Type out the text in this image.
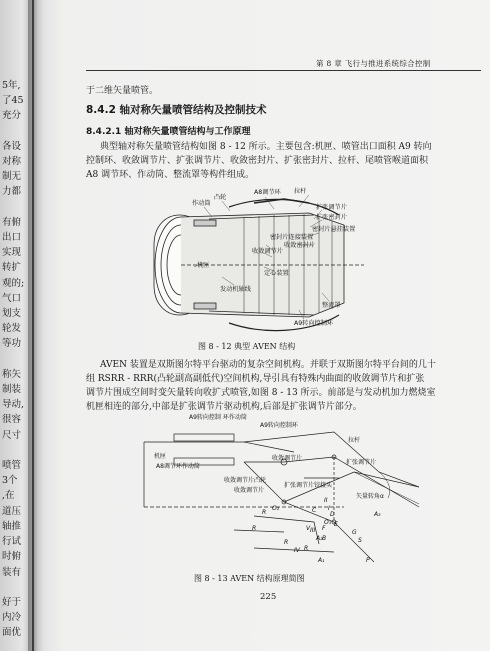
5年,
了45
充分

各设
对称
制无
力都

有俯
出口
实现
转扩
观的;
气口
划支
轮发
等功

称矢
制装
导动,
很容
尺寸

喷管
3个
,在
道压
轴推
行试
时俯
装有

好于
内冷
面优
第 8 章 飞行与推进系统综合控制
于二维矢量喷管。
8.4.2 轴对称矢量喷管结构及控制技术
8.4.2.1 轴对称矢量喷管结构与工作原理
典型轴对称矢量喷管结构如图 8 - 12 所示。主要包含:机匣、喷管出口面积 A9 转向
控制环、收敛调节片、扩张调节片、收敛密封片、扩张密封片、拉杆、尾喷管喉道面积
A8 调节环、作动筒、整流罩等构件组成。
A8调节环 拉杆
凸轮
作动筒
扩张调节片
扩张密封片
密封片悬挂装置
密封片连接装置
收敛密封片
收敛调节片
机匣
定心装置
发动机轴线
整流罩
A9转向控制环
图 8 - 12 典型 AVEN 结构
AVEN 装置是双斯图尔特平台驱动的复杂空间机构。并联于双斯图尔特平台间的几十
组 RSRR - RRR(凸轮副高副低代)空间机构,导引具有特殊内曲面的收敛调节片和扩张
调节片围成空间时变矢量转向收扩式喷管,如图 8 - 13 所示。前部是与发动机加力燃烧室
机匣相连的部分,中部是扩张调节片驱动机构,后部是扩张调节片部分。
A9转向控制 环作动筒
A9转向控制环
拉杆
机匣
A8调节环作动筒
收敛调节片
扩张调节片
收敛调节片凸轮
收敛调节片
扩张调节片铰接头
矢量转角α
R
R
R
R
C
D
E
F
G
O₁
O₂
A₁
A₂
A₃
B
I
II
III
IV
V
S
P
图 8 - 13 AVEN 结构原理简图
225
